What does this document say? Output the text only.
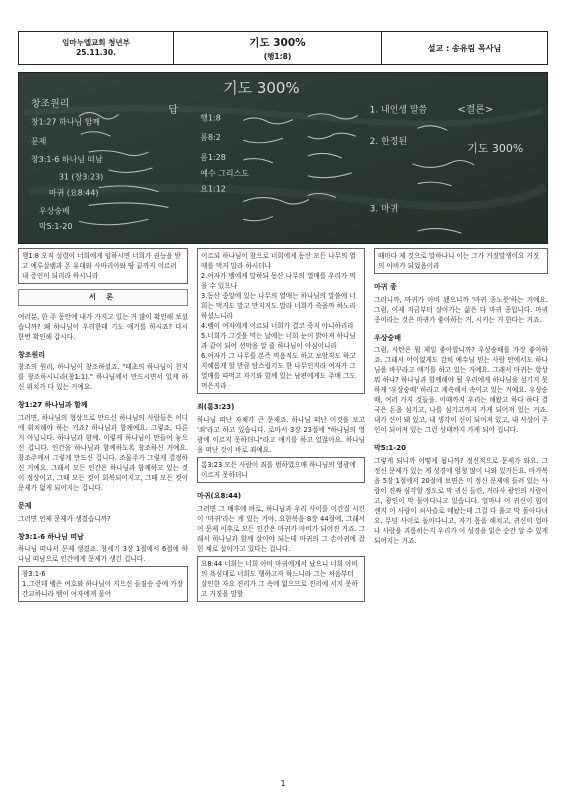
임마누엘교회 청년부
25.11.30.
기도 300%
(행1:8)
설교 : 송유림 목사님
기도 300%
창조원리
창1:27 하나님 함께
문제
창3:1-6 하나님 떠남
31 (창3:23)
마귀 (요8:44)
우상숭배
막5:1-20
답
행1:8
롬8:2
롬1:28
요1:12
예수 그리스도
1. 내인생 말씀
2. 한정된
3. 마귀
<결론>
기도 300%

행1:8 오직 성령이 너희에게 임하시면 너희가 권능을 받고 예루살렘과 온 유대와 사마리아와 땅 끝까지 이르러 내 증인이 되리라 하시니라

서 론
여러분, 한 주 동안에 내가 가지고 있는 거 많이 확인해 보셨습니까? 왜 하나님이 우리한테 기도 얘기를 하시죠? 다시 한번 확인해 갑시다.
창조원리
창조의 원리, 하나님이 창조하셨죠. "태초의 하나님이 천지를 창조하시니라(창1:1)." 하나님께서 만드시면서 있게 하신 위치가 다 있는 거예요.
창1:27 하나님과 함께
그러면, 하나님의 형상으로 만드신 하나님의 사람들은 어디에 위치해야 하는 거죠? 하나님과 함께예요. 그렇죠, 다른 거 아닙니다. 하나님과 함께. 이렇게 하나님이 만들어 놓으신 겁니다. 인간을 하나님과 함께하도록 창조하신 거예요. 창조주께서 그렇게 만드신 겁니다. 조물주가 그렇게 결정하신 거예요. 그래서 모든 인간은 하나님과 함께하고 있는 것이 정상이고, 그때 모든 것이 회복되어지고, 그때 모든 것이 문제가 없게 되어지는 겁니다.
문제
그러면 언제 문제가 생겼습니까?
창3:1-6 하나님 떠남
하나님 떠나서 문제 생겼죠. 창세기 3장 1절에서 6절에 하나님 떠남으로 인간에게 문제가 생긴 겁니다.

창3:1-6

1.그런데 뱀은 여호와 하나님이 지으신 들짐승 중에 가장 간교하니라 뱀이 여자에게 물어

이르되 하나님이 참으로 너희에게 동산 모든 나무의 열매를 먹지 말라 하시더냐

2.여자가 뱀에게 말하되 동산 나무의 열매를 우리가 먹을 수 있으나

3.동산 중앙에 있는 나무의 열매는 하나님의 말씀에 너희는 먹지도 말고 만지지도 말라 너희가 죽을까 하노라 하셨느니라

4.뱀이 여자에게 이르되 너희가 결코 죽지 아니하리라

5.너희가 그것을 먹는 날에는 너희 눈이 밝아져 하나님과 같이 되어 선악을 알 줄 하나님이 아심이니라

6.여자가 그 나무를 본즉 먹음직도 하고 보암직도 하고 지혜롭게 할 만큼 탐스럽기도 한 나무인지라 여자가 그 열매를 따먹고 자기와 함께 있는 남편에게도 주매 그도 먹은지라

죄(롬3:23)
하나님 떠난 자체가 큰 문제죠. 하나님 떠난 이것을 보고 '죄'라고 하고 있습니다. 로마서 3장 23절에 "하나님의 영광에 이르지 못하더니"라고 얘기를 하고 있잖아요. 하나님을 떠난 것이 바로 죄예요.

롬3:23 모든 사람이 죄를 범하였으매 하나님의 영광에 이르지 못하더니

마귀(요8:44)
그러면 그 배후에 바로, 하나님과 우리 사이를 이간질 시킨 이 '마귀'라는 게 있는 거야. 요한복음 8장 44절에, 그래서 이 문제 이후로 모든 인간은 마귀가 아비가 되어진 거죠. 그래서 하나님과 함께 살아야 되는데 마귀의 그 손아귀에 잡힌 채로 살아가고 있다는 겁니다.

요8:44 너희는 너희 아비 마귀에게서 났으니 너희 아비의 욕심대로 너희도 행하고자 하느니라 그는 처음부터 살인한 자요 진리가 그 속에 없으므로 진리에 서지 못하고 거짓을 말할

때마다 제 것으로 말하나니 이는 그가 거짓말쟁이요 거짓의 아비가 되었음이라

마귀 종
그러니까, 마귀가 아비 됐으니까 '마귀 종노릇'하는 거예요. 그럼, 이제 지금부터 살아가는 삶은 다 마귀 종입니다. 마귀 종이라는 것은 마귀가 좋아하는 거, 시키는 거 한다는 거죠.
우상숭배
그럼, 사탄은 뭘 제일 좋아합니까? 우상숭배를 가장 좋아하죠. 그래서 어이없게도 감히 예수님 믿는 사람 안에서도 하나님을 바꾸라고 얘기를 하고 있는 거예요. 그래서 마귀는 항상 뭐 하냐? 하나님과 함께해야 될 우리에게 하나님을 섬기지 못하게 '우상숭배' 하라고 계속해서 속이고 있는 거예요. 우상숭배, 여러 가지 것들을. 이때까지 우리는 해왔고 하다 하다 결국은 돈을 섬기고, 나를 섬기고까지 가게 되어져 있는 거죠. 내가 신이 돼 있고, 내 생각이 신이 되어져 있고, 내 사상이 주인이 되어져 있는 그런 상태까지 가게 되어 집니다.
막5:1-20
그렇게 되니까 어떻게 됩니까? 정신적으로 문제가 와요. 그 정신 문제가 있는 게 성경에 엄청 많이 나와 있거든요. 마가복음 5장 1절에서 20절에 보면은 이 정신 문제에 들려 있는 사람이 진짜 심각할 정도로 막 귀신 들린, 거라사 광인의 사람이고, 광인이 막 돌아다니고 있습니다. 얼마나 이 귀신이 힘이 센지 이 사람이 쇠사슬로 매놨는데 그걸 다 풀고 막 돌아다녀요. 무덤 사이로 돌아다니고, 자기 몸을 해치고, 귀신이 얼마나 사람을 괴롭히는지 우리가 이 성경을 읽은 순간 알 수 있게 되어지는 거죠.
1
